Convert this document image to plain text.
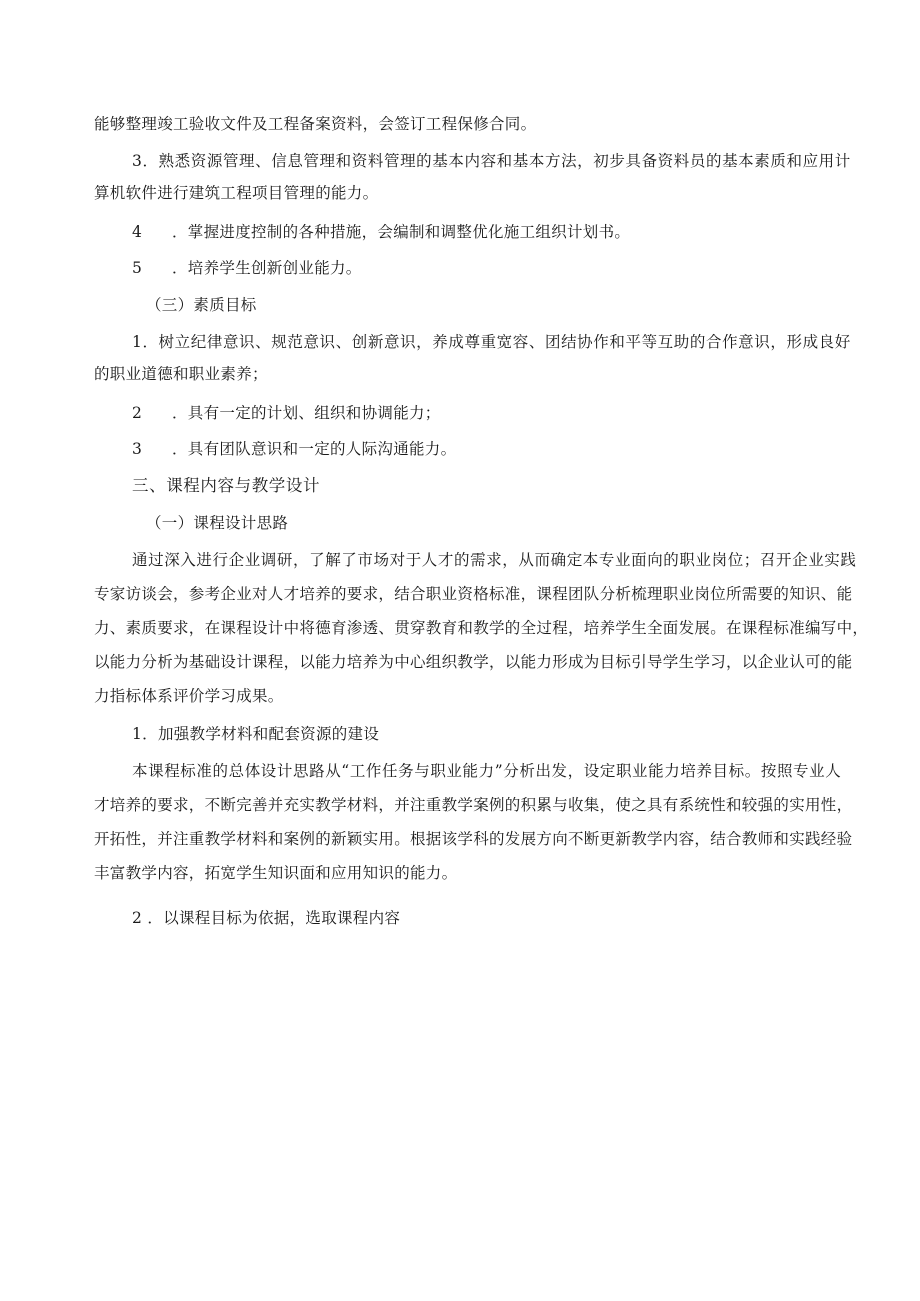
能够整理竣工验收文件及工程备案资料，会签订工程保修合同。
3．熟悉资源管理、信息管理和资料管理的基本内容和基本方法，初步具备资料员的基本素质和应用计
算机软件进行建筑工程项目管理的能力。
4 ．掌握进度控制的各种措施，会编制和调整优化施工组织计划书。
5 ．培养学生创新创业能力。
（三）素质目标
1．树立纪律意识、规范意识、创新意识，养成尊重宽容、团结协作和平等互助的合作意识，形成良好
的职业道德和职业素养；
2 ．具有一定的计划、组织和协调能力；
3 ．具有团队意识和一定的人际沟通能力。
三、课程内容与教学设计
（一）课程设计思路
通过深入进行企业调研，了解了市场对于人才的需求，从而确定本专业面向的职业岗位；召开企业实践
专家访谈会，参考企业对人才培养的要求，结合职业资格标准，课程团队分析梳理职业岗位所需要的知识、能
力、素质要求，在课程设计中将德育渗透、贯穿教育和教学的全过程，培养学生全面发展。在课程标准编写中，
以能力分析为基础设计课程，以能力培养为中心组织教学，以能力形成为目标引导学生学习，以企业认可的能
力指标体系评价学习成果。
1．加强教学材料和配套资源的建设
本课程标准的总体设计思路从“工作任务与职业能力”分析出发，设定职业能力培养目标。按照专业人
才培养的要求，不断完善并充实教学材料，并注重教学案例的积累与收集，使之具有系统性和较强的实用性，
开拓性，并注重教学材料和案例的新颖实用。根据该学科的发展方向不断更新教学内容，结合教师和实践经验
丰富教学内容，拓宽学生知识面和应用知识的能力。
2 ．以课程目标为依据，选取课程内容
